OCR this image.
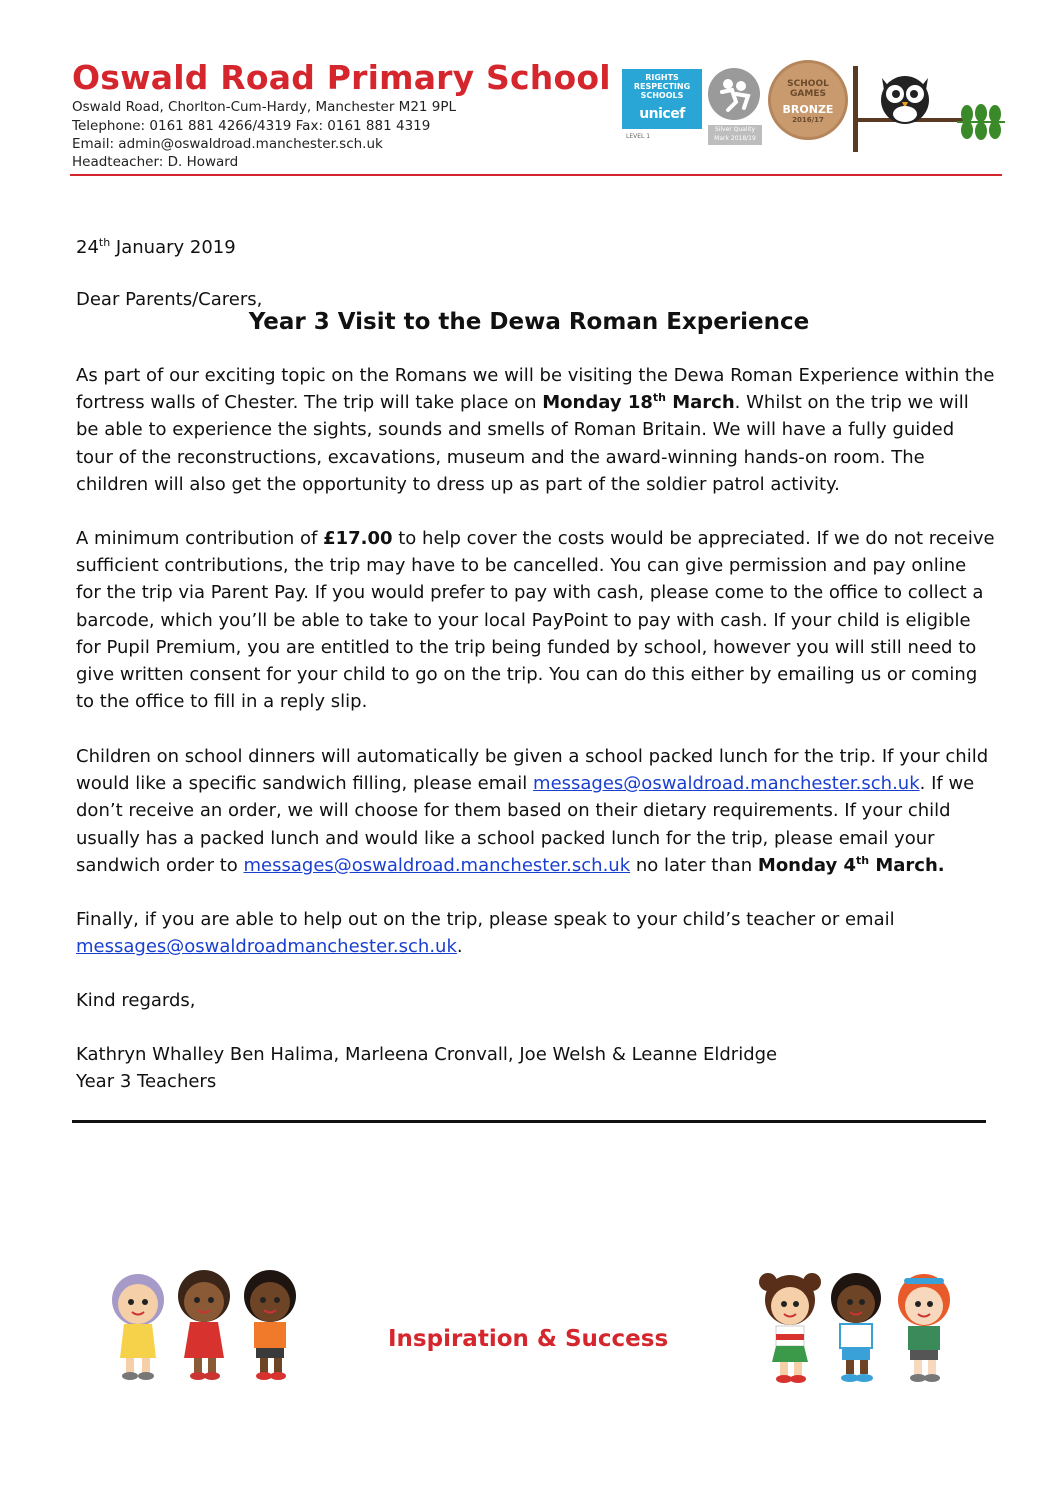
Oswald Road Primary School

Oswald Road, Chorlton-Cum-Hardy, Manchester M21 9PL

Telephone: 0161 881 4266/4319 Fax: 0161 881 4319

Email: admin@oswaldroad.manchester.sch.uk

Headteacher: D. Howard

RIGHTS RESPECTING SCHOOLS
unicef
LEVEL 1
Silver Quality Mark 2018/19
SCHOOL GAMES
BRONZE
2016/17

24th January 2019

Dear Parents/Carers,

Year 3 Visit to the Dewa Roman Experience

As part of our exciting topic on the Romans we will be visiting the Dewa Roman Experience within the fortress walls of Chester. The trip will take place on Monday 18th March. Whilst on the trip we will be able to experience the sights, sounds and smells of Roman Britain. We will have a fully guided tour of the reconstructions, excavations, museum and the award-winning hands-on room. The children will also get the opportunity to dress up as part of the soldier patrol activity.

A minimum contribution of £17.00 to help cover the costs would be appreciated. If we do not receive sufficient contributions, the trip may have to be cancelled. You can give permission and pay online for the trip via Parent Pay. If you would prefer to pay with cash, please come to the office to collect a barcode, which you’ll be able to take to your local PayPoint to pay with cash. If your child is eligible for Pupil Premium, you are entitled to the trip being funded by school, however you will still need to give written consent for your child to go on the trip. You can do this either by emailing us or coming to the office to fill in a reply slip.

Children on school dinners will automatically be given a school packed lunch for the trip. If your child would like a specific sandwich filling, please email messages@oswaldroad.manchester.sch.uk. If we don’t receive an order, we will choose for them based on their dietary requirements. If your child usually has a packed lunch and would like a school packed lunch for the trip, please email your sandwich order to messages@oswaldroad.manchester.sch.uk no later than Monday 4th March.

Finally, if you are able to help out on the trip, please speak to your child’s teacher or email messages@oswaldroadmanchester.sch.uk.

Kind regards,

Kathryn Whalley Ben Halima, Marleena Cronvall, Joe Welsh & Leanne Eldridge

Year 3 Teachers

Inspiration & Success
